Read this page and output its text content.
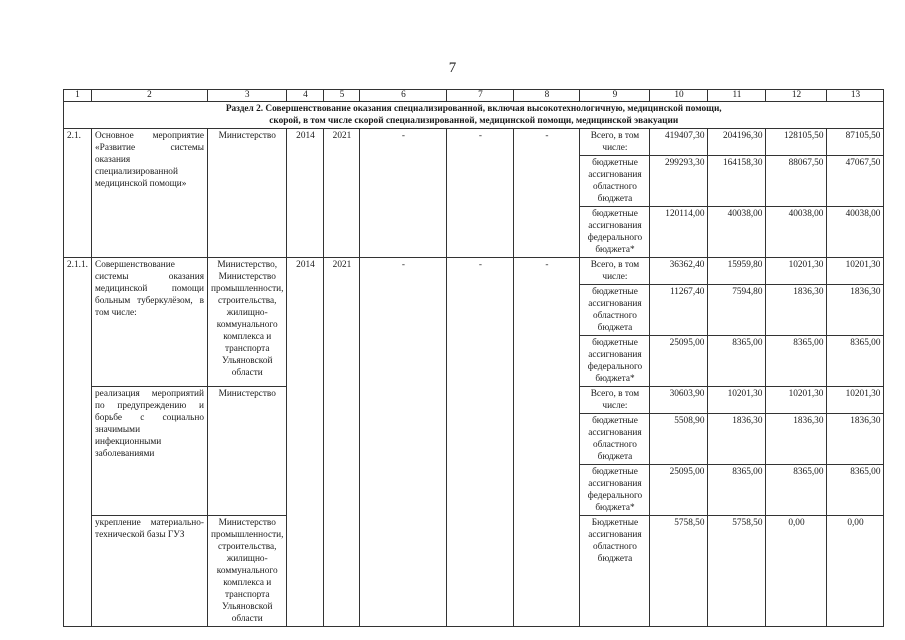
7
1	2	3	4	5	6	7	8	9	10	11	12	13

Раздел 2. Совершенствование оказания специализированной, включая высокотехнологичную, медицинской помощи,
скорой, в том числе скорой специализированной, медицинской помощи, медицинской эвакуации												

2.1.	Основное мероприятие «Развитие системы оказания специализированной медицинской помощи»	Министерство	2014	2021	-	-	-	Всего, в том числе:	419407,30	204196,30	128105,50	87105,50
								бюджетные ассигнования областного бюджета	299293,30	164158,30	88067,50	47067,50
								бюджетные ассигнования федерального бюджета*	120114,00	40038,00	40038,00	40038,00
2.1.1.	Совершенствование системы оказания медицинской помощи больным туберкулёзом, в том числе:	Министерство, Министерство промышленности, строительства, жилищно-коммунального комплекса и транспорта Ульяновской области	2014	2021	-	-	-	Всего, в том числе:	36362,40	15959,80	10201,30	10201,30
								бюджетные ассигнования областного бюджета	11267,40	7594,80	1836,30	1836,30
								бюджетные ассигнования федерального бюджета*	25095,00	8365,00	8365,00	8365,00
	реализация мероприятий по предупреждению и борьбе с социально значимыми инфекционными заболеваниями	Министерство						Всего, в том числе:	30603,90	10201,30	10201,30	10201,30
								бюджетные ассигнования областного бюджета	5508,90	1836,30	1836,30	1836,30
								бюджетные ассигнования федерального бюджета*	25095,00	8365,00	8365,00	8365,00
	укрепление материально-технической базы ГУЗ	Министерство промышленности, строительства, жилищно-коммунального комплекса и транспорта Ульяновской области						Бюджетные ассигнования областного бюджета	5758,50	5758,50	0,00	0,00
